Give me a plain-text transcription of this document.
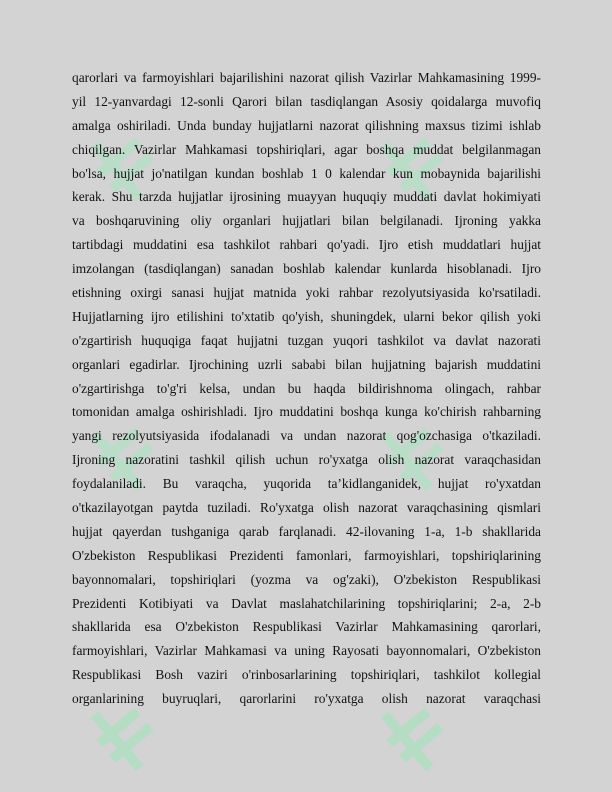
qarorlari va farmoyishlari bajarilishini nazorat qilish Vazirlar Mahkamasining 1999-
yil 12-yanvardagi 12-sonli Qarori bilan tasdiqlangan Asosiy qoidalarga muvofiq
amalga oshiriladi. Unda bunday hujjatlarni nazorat qilishning maxsus tizimi ishlab
chiqilgan. Vazirlar Mahkamasi topshiriqlari, agar boshqa muddat belgilanmagan
bo'lsa, hujjat jo'natilgan kundan boshlab 1 0 kalendar kun mobaynida bajarilishi
kerak. Shu tarzda hujjatlar ijrosining muayyan huquqiy muddati davlat hokimiyati
va boshqaruvining oliy organlari hujjatlari bilan belgilanadi. Ijroning yakka
tartibdagi muddatini esa tashkilot rahbari qo'yadi. Ijro etish muddatlari hujjat
imzolangan (tasdiqlangan) sanadan boshlab kalendar kunlarda hisoblanadi. Ijro
etishning oxirgi sanasi hujjat matnida yoki rahbar rezolyutsiyasida ko'rsatiladi.
Hujjatlarning ijro etilishini to'xtatib qo'yish, shuningdek, ularni bekor qilish yoki
o'zgartirish huquqiga faqat hujjatni tuzgan yuqori tashkilot va davlat nazorati
organlari egadirlar. Ijrochining uzrli sababi bilan hujjatning bajarish muddatini
o'zgartirishga to'g'ri kelsa, undan bu haqda bildirishnoma olingach, rahbar
tomonidan amalga oshirishladi. Ijro muddatini boshqa kunga ko'chirish rahbarning
yangi rezolyutsiyasida ifodalanadi va undan nazorat qog'ozchasiga o'tkaziladi.
Ijroning nazoratini tashkil qilish uchun ro'yxatga olish nazorat varaqchasidan
foydalaniladi. Bu varaqcha, yuqorida ta’kidlanganidek, hujjat ro'yxatdan
o'tkazilayotgan paytda tuziladi. Ro'yxatga olish nazorat varaqchasining qismlari
hujjat qayerdan tushganiga qarab farqlanadi. 42-ilovaning 1-a, 1-b shakllarida
O'zbekiston Respublikasi Prezidenti famonlari, farmoyishlari, topshiriqlarining
bayonnomalari, topshiriqlari (yozma va og'zaki), O'zbekiston Respublikasi
Prezidenti Kotibiyati va Davlat maslahatchilarining topshiriqlarini; 2-a, 2-b
shakllarida esa O'zbekiston Respublikasi Vazirlar Mahkamasining qarorlari,
farmoyishlari, Vazirlar Mahkamasi va uning Rayosati bayonnomalari, O'zbekiston
Respublikasi Bosh vaziri o'rinbosarlarining topshiriqlari, tashkilot kollegial
organlarining buyruqlari, qarorlarini ro'yxatga olish nazorat varaqchasi
